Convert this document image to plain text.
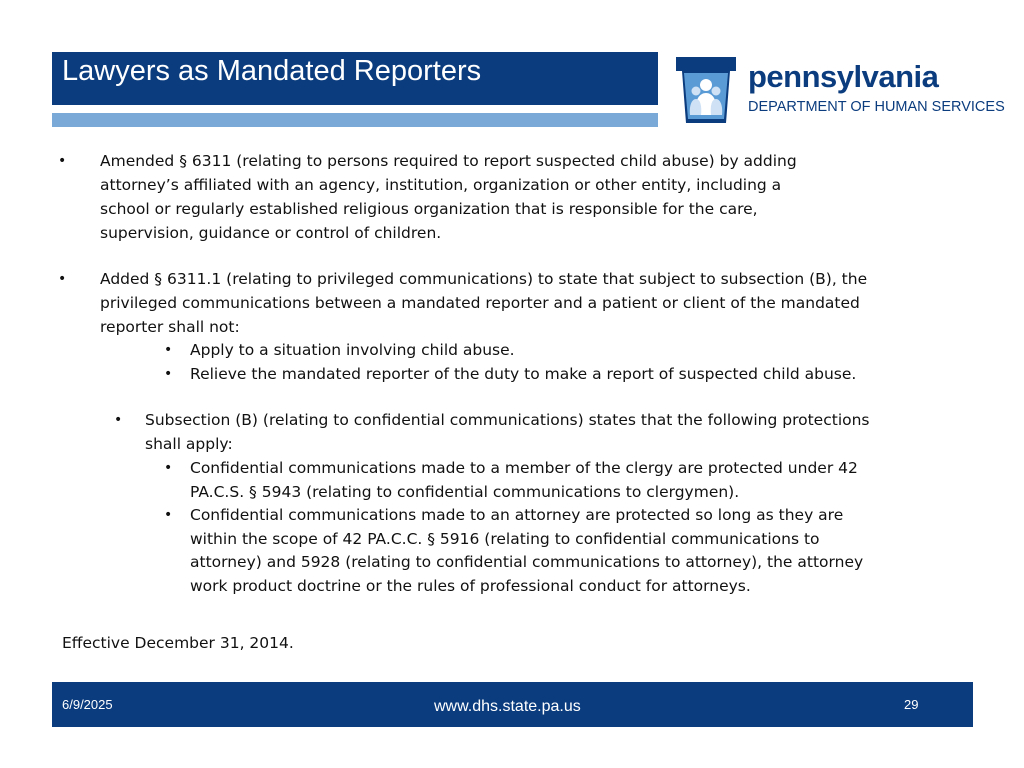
Lawyers as Mandated Reporters	pennsylvania
DEPARTMENT OF HUMAN SERVICES
• Amended § 6311 (relating to persons required to report suspected child abuse) by adding
attorney’s affiliated with an agency, institution, organization or other entity, including a
school or regularly established religious organization that is responsible for the care,
supervision, guidance or control of children.
• Added § 6311.1 (relating to privileged communications) to state that subject to subsection (B), the
privileged communications between a mandated reporter and a patient or client of the mandated
reporter shall not:
• Apply to a situation involving child abuse.
• Relieve the mandated reporter of the duty to make a report of suspected child abuse.
• Subsection (B) (relating to confidential communications) states that the following protections
shall apply:
• Confidential communications made to a member of the clergy are protected under 42
PA.C.S. § 5943 (relating to confidential communications to clergymen).
• Confidential communications made to an attorney are protected so long as they are
within the scope of 42 PA.C.C. § 5916 (relating to confidential communications to
attorney) and 5928 (relating to confidential communications to attorney), the attorney
work product doctrine or the rules of professional conduct for attorneys.
Effective December 31, 2014.
6/9/2025	www.dhs.state.pa.us	29
